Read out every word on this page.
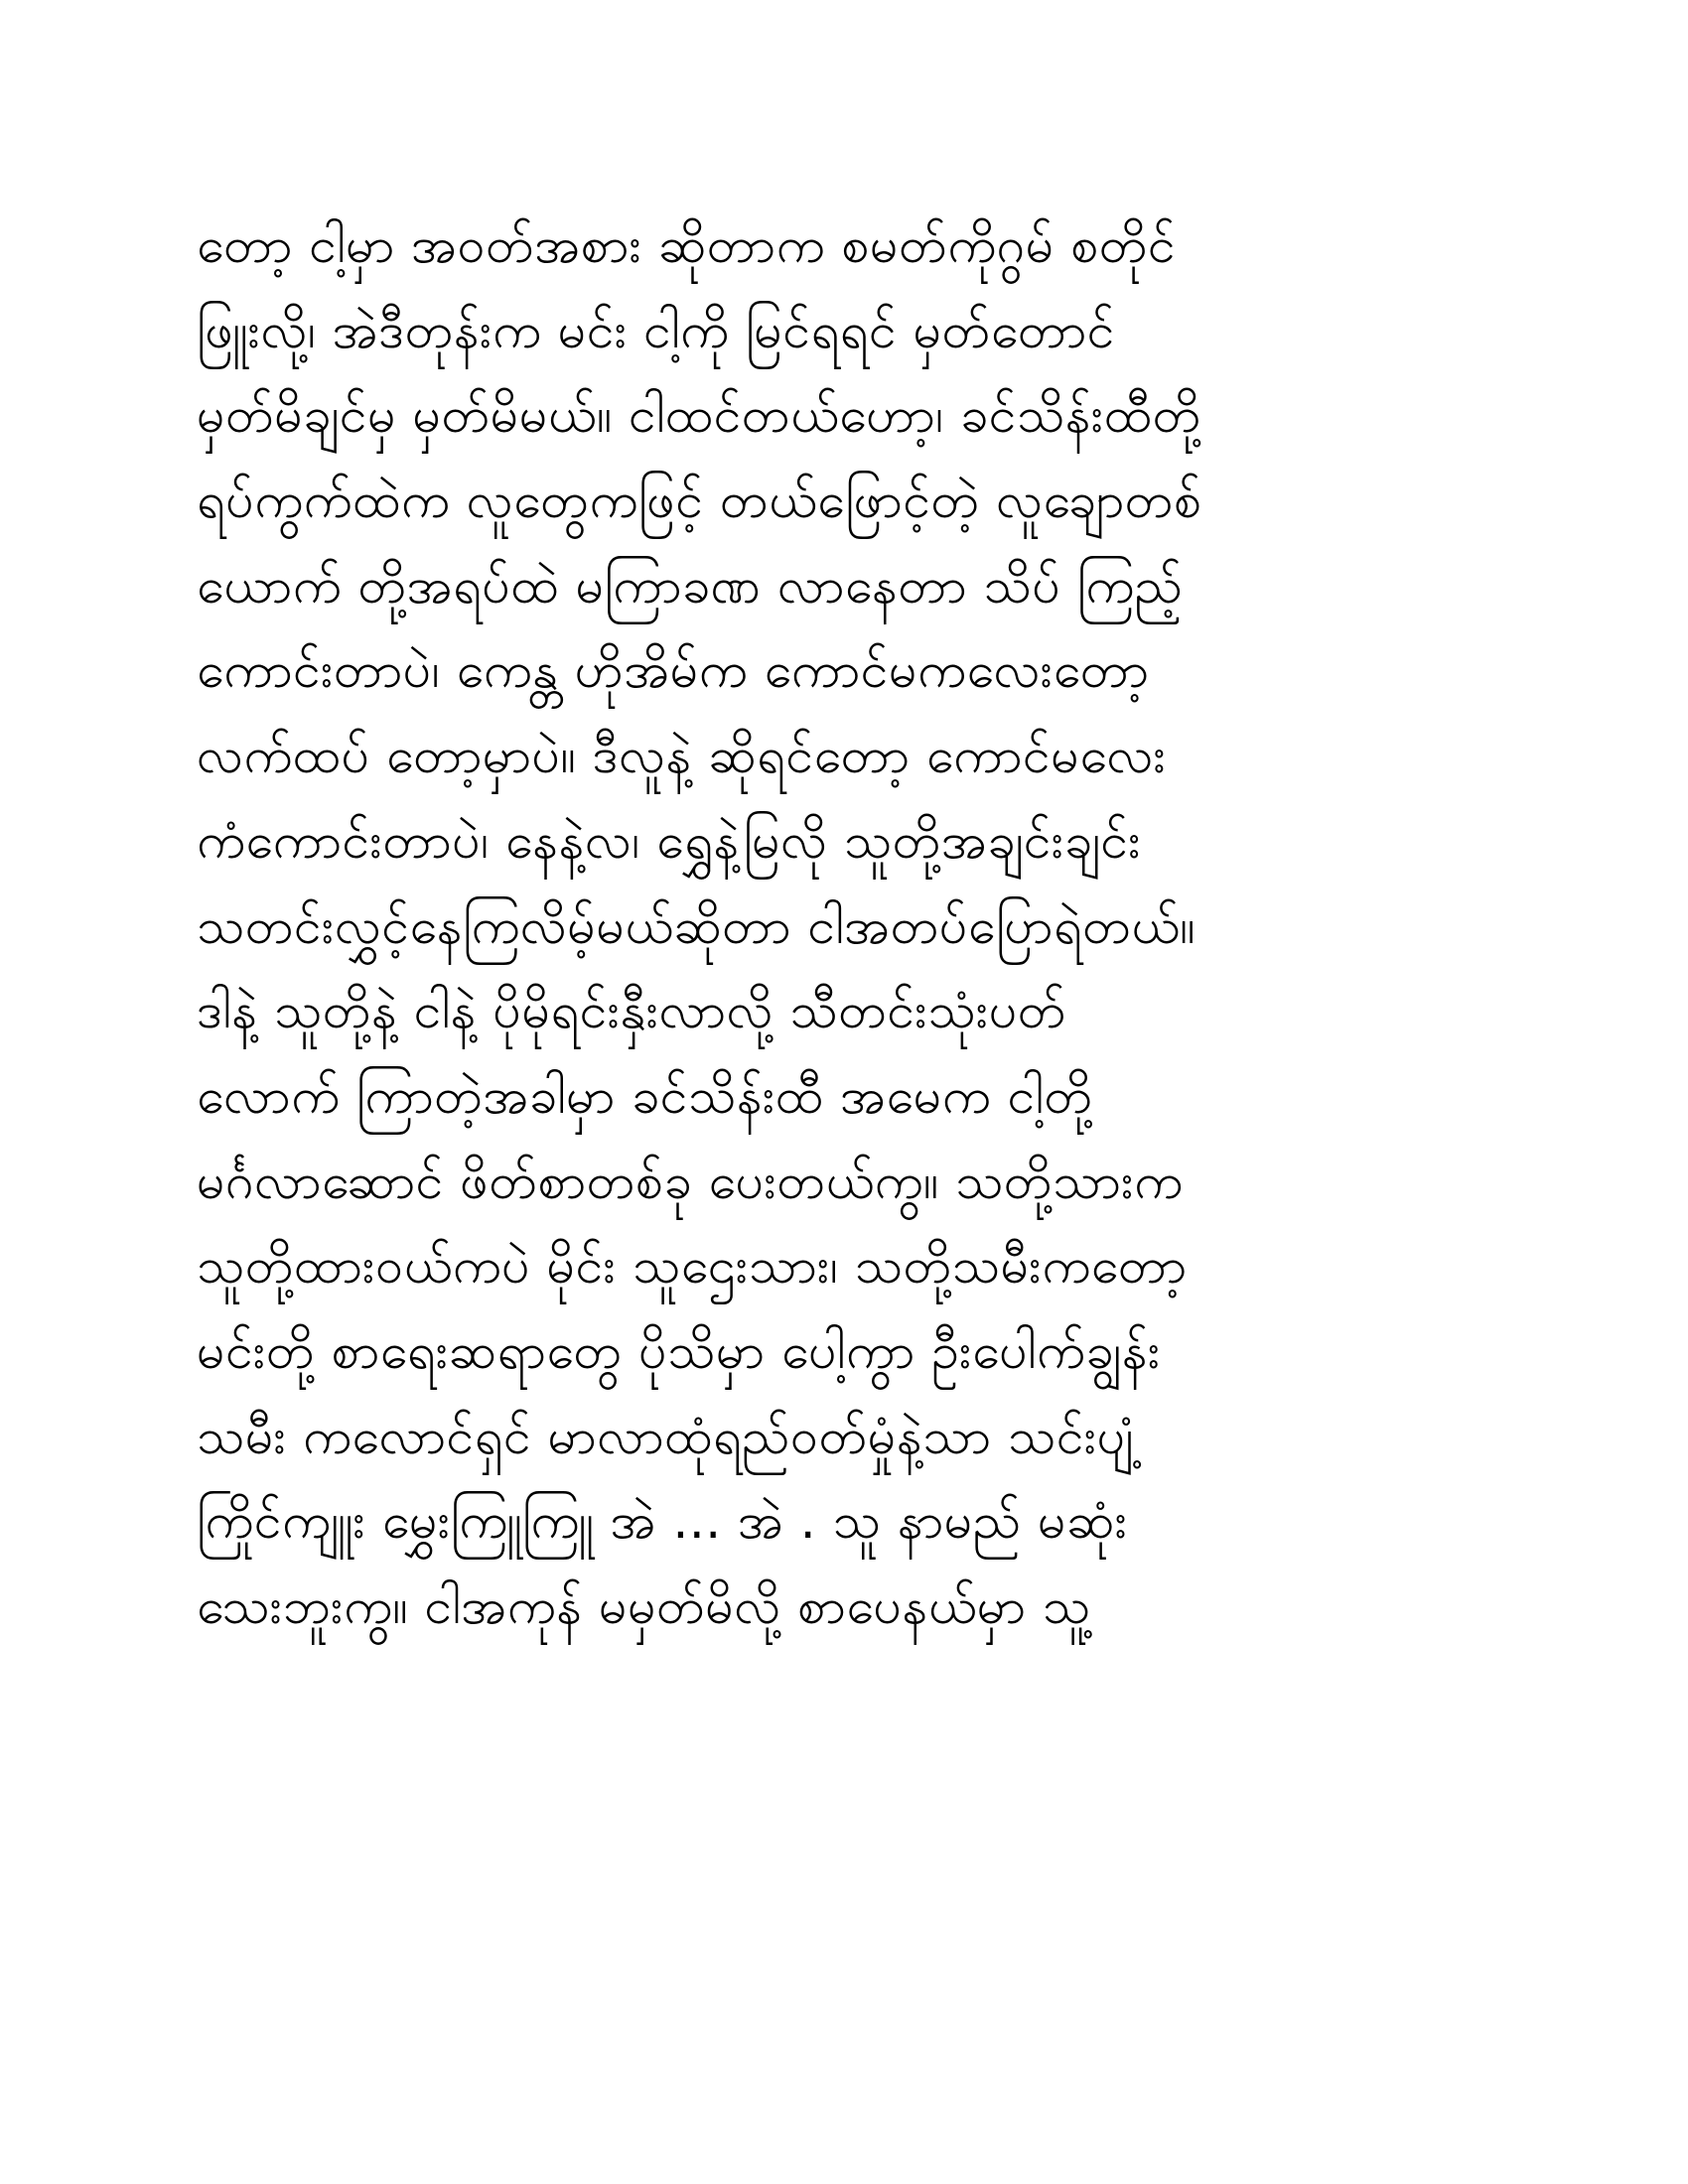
တော့ ငါ့မှာ အဝတ်အစား ဆိုတာက စမတ်ကိုဂွမ် စတိုင်
ဖြူးလို့၊ အဲဒီတုန်းက မင်း ငါ့ကို မြင်ရရင် မှတ်တောင်
မှတ်မိချင်မှ မှတ်မိမယ်။ ငါထင်တယ်ဟော့၊ ခင်သိန်းထီတို့
ရပ်ကွက်ထဲက လူတွေကဖြင့် တယ်ဖြောင့်တဲ့ လူချောတစ်
ယောက် တို့အရပ်ထဲ မကြာခဏ လာနေတာ သိပ် ကြည့်
ကောင်းတာပဲ၊ ကေန္တ ဟိုအိမ်က ကောင်မကလေးတော့
လက်ထပ် တော့မှာပဲ။ ဒီလူနဲ့ ဆိုရင်တော့ ကောင်မလေး
ကံကောင်းတာပဲ၊ နေနဲ့လ၊ ရွှေနဲ့မြလို သူတို့အချင်းချင်း
သတင်းလွှင့်နေကြလိမ့်မယ်ဆိုတာ ငါအတပ်ပြောရဲတယ်။
ဒါနဲ့ သူတို့နဲ့ ငါနဲ့ ပိုမိုရင်းနှီးလာလို့ သီတင်းသုံးပတ်
လောက် ကြာတဲ့အခါမှာ ခင်သိန်းထီ အမေက ငါ့တို့
မင်္ဂလာဆောင် ဖိတ်စာတစ်ခု ပေးတယ်ကွ။ သတို့သားက
သူတို့ထားဝယ်ကပဲ မိုင်း သူဌေးသား၊ သတို့သမီးကတော့
မင်းတို့ စာရေးဆရာတွေ ပိုသိမှာ ပေါ့ကွာ ဦးပေါက်ချွန်း
သမီး ကလောင်ရှင် မာလာထုံရည်ဝတ်မှုံနဲ့သာ သင်းပျံ့
ကြိုင်ကျူး မွှေးကြူကြူ အဲ ... အဲ . သူ နာမည် မဆုံး
သေးဘူးကွ။ ငါအကုန် မမှတ်မိလို့ စာပေနယ်မှာ သူ့
